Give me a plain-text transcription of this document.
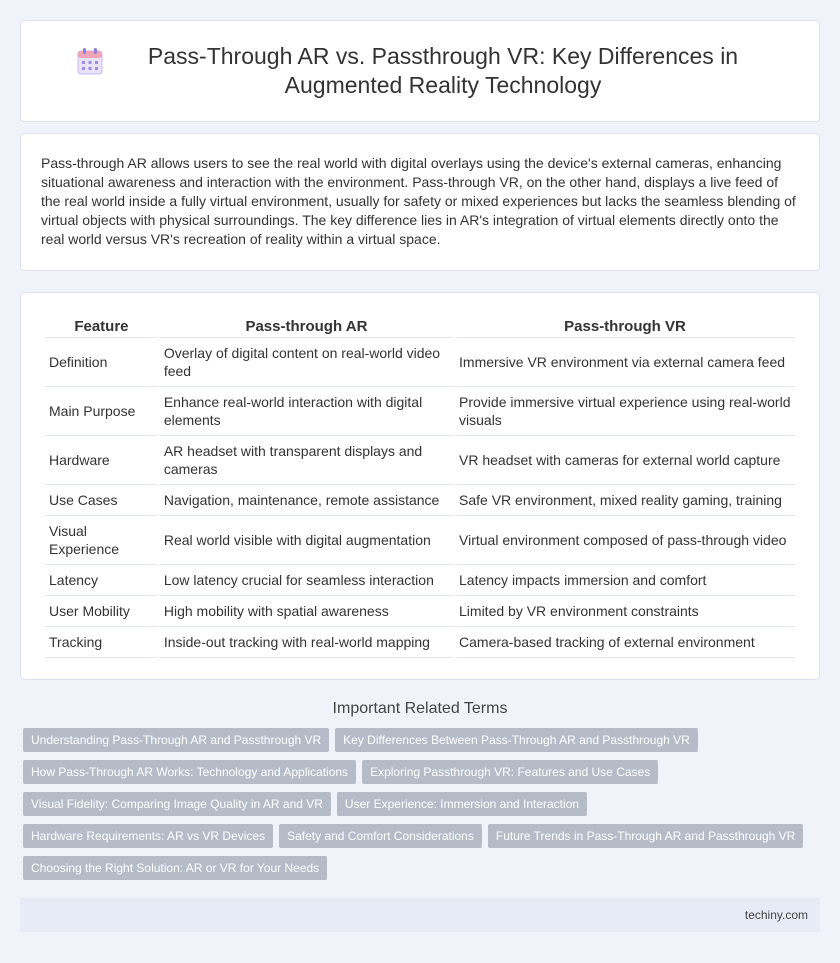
Pass-Through AR vs. Passthrough VR: Key Differences in Augmented Reality Technology

Pass-through AR allows users to see the real world with digital overlays using the device's external cameras, enhancing situational awareness and interaction with the environment. Pass-through VR, on the other hand, displays a live feed of the real world inside a fully virtual environment, usually for safety or mixed experiences but lacks the seamless blending of virtual objects with physical surroundings. The key difference lies in AR's integration of virtual elements directly onto the real world versus VR's recreation of reality within a virtual space.

Feature	Pass-through AR	Pass-through VR
Definition	Overlay of digital content on real-world video feed	Immersive VR environment via external camera feed
Main Purpose	Enhance real-world interaction with digital elements	Provide immersive virtual experience using real-world visuals
Hardware	AR headset with transparent displays and cameras	VR headset with cameras for external world capture
Use Cases	Navigation, maintenance, remote assistance	Safe VR environment, mixed reality gaming, training
Visual Experience	Real world visible with digital augmentation	Virtual environment composed of pass-through video
Latency	Low latency crucial for seamless interaction	Latency impacts immersion and comfort
User Mobility	High mobility with spatial awareness	Limited by VR environment constraints
Tracking	Inside-out tracking with real-world mapping	Camera-based tracking of external environment

Important Related Terms

Understanding Pass-Through AR and Passthrough VR Key Differences Between Pass-Through AR and Passthrough VR
How Pass-Through AR Works: Technology and Applications Exploring Passthrough VR: Features and Use Cases
Visual Fidelity: Comparing Image Quality in AR and VR User Experience: Immersion and Interaction
Hardware Requirements: AR vs VR Devices Safety and Comfort Considerations Future Trends in Pass-Through AR and Passthrough VR
Choosing the Right Solution: AR or VR for Your Needs
techiny.com
